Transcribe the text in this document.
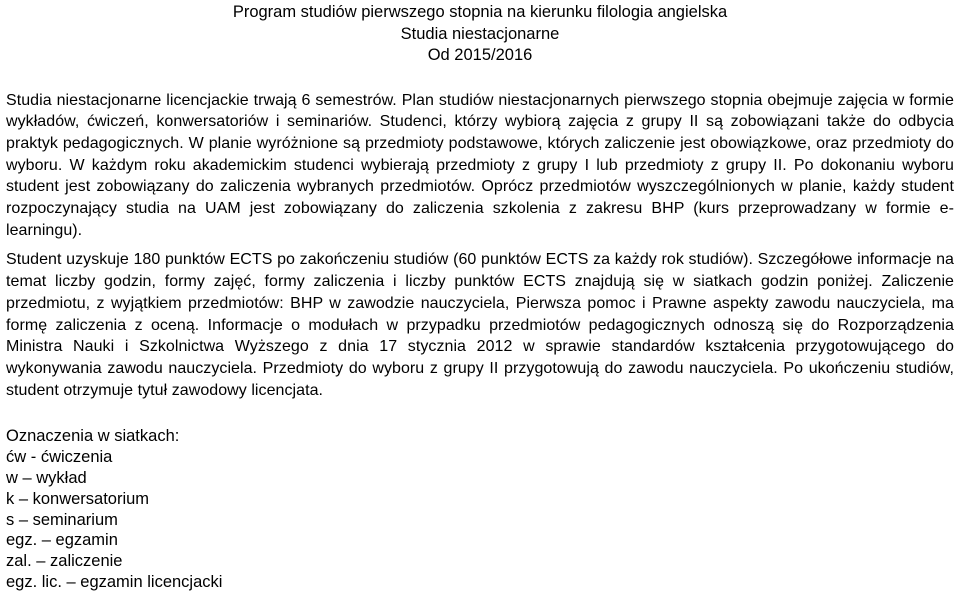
Program studiów pierwszego stopnia na kierunku filologia angielska
Studia niestacjonarne
Od 2015/2016

Studia niestacjonarne licencjackie trwają 6 semestrów. Plan studiów niestacjonarnych pierwszego stopnia obejmuje zajęcia w formie wykładów, ćwiczeń, konwersatoriów i seminariów. Studenci, którzy wybiorą zajęcia z grupy II są zobowiązani także do odbycia praktyk pedagogicznych. W planie wyróżnione są przedmioty podstawowe, których zaliczenie jest obowiązkowe, oraz przedmioty do wyboru. W każdym roku akademickim studenci wybierają przedmioty z grupy I lub przedmioty z grupy II. Po dokonaniu wyboru student jest zobowiązany do zaliczenia wybranych przedmiotów. Oprócz przedmiotów wyszczególnionych w planie, każdy student rozpoczynający studia na UAM jest zobowiązany do zaliczenia szkolenia z zakresu BHP (kurs przeprowadzany w formie e-learningu).

Student uzyskuje 180 punktów ECTS po zakończeniu studiów (60 punktów ECTS za każdy rok studiów). Szczegółowe informacje na temat liczby godzin, formy zajęć, formy zaliczenia i liczby punktów ECTS znajdują się w siatkach godzin poniżej. Zaliczenie przedmiotu, z wyjątkiem przedmiotów: BHP w zawodzie nauczyciela, Pierwsza pomoc i Prawne aspekty zawodu nauczyciela, ma formę zaliczenia z oceną. Informacje o modułach w przypadku przedmiotów pedagogicznych odnoszą się do Rozporządzenia Ministra Nauki i Szkolnictwa Wyższego z dnia 17 stycznia 2012 w sprawie standardów kształcenia przygotowującego do wykonywania zawodu nauczyciela. Przedmioty do wyboru z grupy II przygotowują do zawodu nauczyciela. Po ukończeniu studiów, student otrzymuje tytuł zawodowy licencjata.

Oznaczenia w siatkach:
ćw - ćwiczenia
w – wykład
k – konwersatorium
s – seminarium
egz. – egzamin
zal. – zaliczenie
egz. lic. – egzamin licencjacki
